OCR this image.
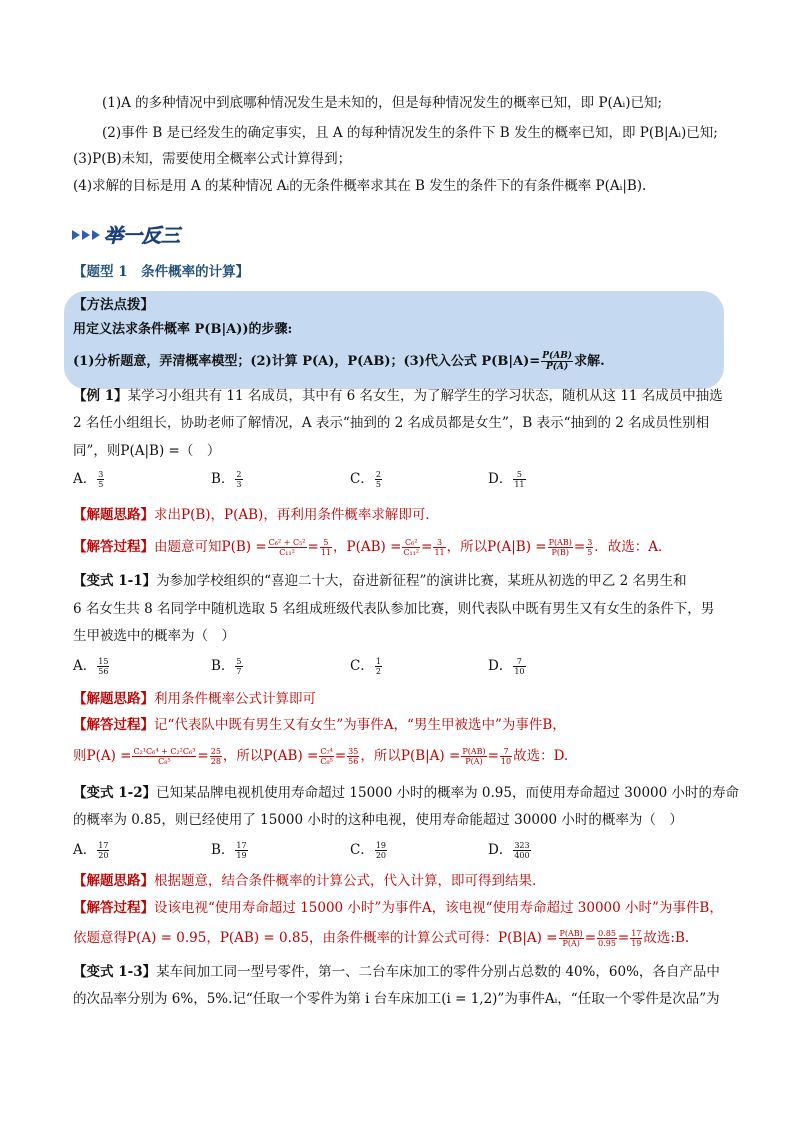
(1)A 的多种情况中到底哪种情况发生是未知的，但是每种情况发生的概率已知，即 P(Aᵢ)已知;
(2)事件 B 是已经发生的确定事实，且 A 的每种情况发生的条件下 B 发生的概率已知，即 P(B|Aᵢ)已知;
(3)P(B)未知，需要使用全概率公式计算得到；
(4)求解的目标是用 A 的某种情况 Aᵢ的无条件概率求其在 B 发生的条件下的有条件概率 P(Aᵢ|B).
举一反三
【题型 1　条件概率的计算】
【方法点拨】
用定义法求条件概率 P(B|A))的步骤:
(1)分析题意，弄清概率模型；(2)计算 P(A)，P(AB)；(3)代入公式 $P(B|A)= \frac{P(AB)}{P(A)}$ 求解.
【例 1】某学习小组共有 11 名成员，其中有 6 名女生，为了解学生的学习状态，随机从这 11 名成员中抽选
2 名任小组组长，协助老师了解情况，A 表示“抽到的 2 名成员都是女生”，B 表示“抽到的 2 名成员性别相
同”，则P(A|B) =（　）
A． $\frac{3}{5}$	B． $\frac{2}{3}$	C． $\frac{2}{5}$	D． $\frac{5}{11}$
【解题思路】求出P(B)，P(AB)，再利用条件概率求解即可．
【解答过程】由题意可知$P(B) = \frac{\text{C₆² + C₅²}}{\text{C₁₁²}} = \frac{5}{11}$ ，$P(AB) = \frac{\text{C₆²}}{\text{C₁₁²}} = \frac{3}{11}$ ，所以$P(A|B) = \frac{P(AB)}{P(B)} = \frac{3}{5}$ ．故选：A．
【变式 1-1】为参加学校组织的“喜迎二十大，奋进新征程”的演讲比赛，某班从初选的甲乙 2 名男生和
6 名女生共 8 名同学中随机选取 5 名组成班级代表队参加比赛，则代表队中既有男生又有女生的条件下，男
生甲被选中的概率为（　）
A． $\frac{15}{56}$	B． $\frac{5}{7}$	C． $\frac{1}{2}$	D． $\frac{7}{10}$
【解题思路】利用条件概率公式计算即可
【解答过程】记“代表队中既有男生又有女生”为事件A，“男生甲被选中”为事件B，
则$P(A) = \frac{\text{C₂¹C₆⁴ + C₂²C₆³}}{\text{C₈⁵}} = \frac{25}{28}$ ，所以$P(AB) = \frac{\text{C₇⁴}}{\text{C₈⁵}} = \frac{35}{56}$ ，所以$P(B|A) = \frac{P(AB)}{P(A)} = \frac{7}{10}$ 故选：D.
【变式 1-2】已知某品牌电视机使用寿命超过 15000 小时的概率为 0.95，而使用寿命超过 30000 小时的寿命
的概率为 0.85，则已经使用了 15000 小时的这种电视，使用寿命能超过 30000 小时的概率为（　）
A． $\frac{17}{20}$	B． $\frac{17}{19}$	C． $\frac{19}{20}$	D． $\frac{323}{400}$
【解题思路】根据题意，结合条件概率的计算公式，代入计算，即可得到结果.
【解答过程】设该电视“使用寿命超过 15000 小时”为事件A，该电视“使用寿命超过 30000 小时”为事件B，
依题意得P(A) = 0.95，P(AB) = 0.85，由条件概率的计算公式可得：$P(B|A) = \frac{P(AB)}{P(A)} = \frac{0.85}{0.95} = \frac{17}{19}$ 故选:B.
【变式 1-3】某车间加工同一型号零件，第一、二台车床加工的零件分别占总数的 40%，60%，各自产品中
的次品率分别为 6%，5%.记“任取一个零件为第 i 台车床加工(i = 1,2)”为事件Aᵢ，“任取一个零件是次品”为
